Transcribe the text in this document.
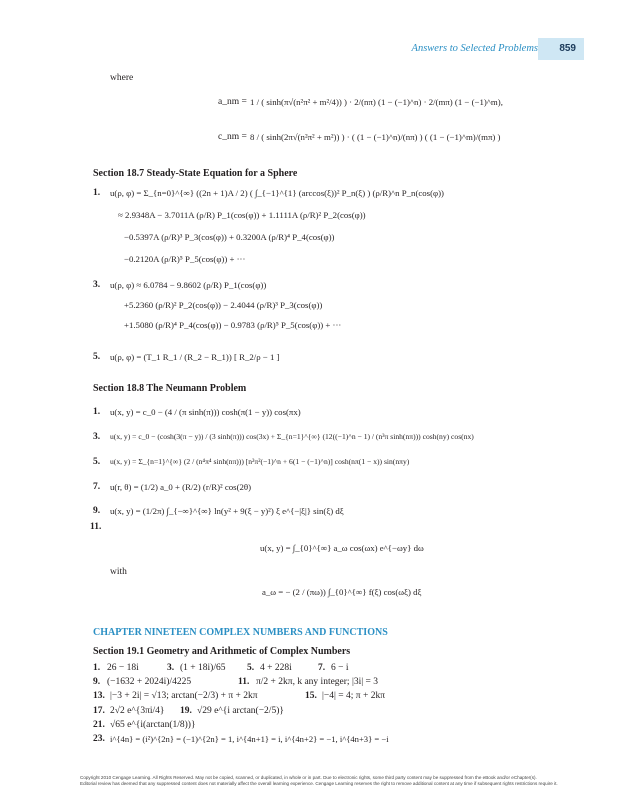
Answers to Selected Problems 859
where
a_nm = 1 / ( sinh(π√(n²π² + m²/4)) ) · 2/(nπ) (1 − (−1)^n) · 2/(mπ) (1 − (−1)^m),
c_nm = 8 / ( sinh(2π√(n²π² + m²)) ) · ( (1 − (−1)^n)/(nπ) ) ( (1 − (−1)^m)/(mπ) )
Section 18.7 Steady-State Equation for a Sphere
1. u(ρ, φ) = Σ_{n=0}^{∞} ((2n + 1)A / 2) ( ∫_{−1}^{1} (arccos(ξ))² P_n(ξ) ) (ρ/R)^n P_n(cos(φ))
≈ 2.9348A − 3.7011A (ρ/R) P_1(cos(φ)) + 1.1111A (ρ/R)² P_2(cos(φ))
−0.5397A (ρ/R)³ P_3(cos(φ)) + 0.3200A (ρ/R)⁴ P_4(cos(φ))
−0.2120A (ρ/R)⁵ P_5(cos(φ)) + ···
3. u(ρ, φ) ≈ 6.0784 − 9.8602 (ρ/R) P_1(cos(φ))
+5.2360 (ρ/R)² P_2(cos(φ)) − 2.4044 (ρ/R)³ P_3(cos(φ))
+1.5080 (ρ/R)⁴ P_4(cos(φ)) − 0.9783 (ρ/R)⁵ P_5(cos(φ)) + ···
5. u(ρ, φ) = (T_1 R_1 / (R_2 − R_1)) [ R_2/ρ − 1 ]
Section 18.8 The Neumann Problem
1. u(x, y) = c_0 − (4 / (π sinh(π))) cosh(π(1 − y)) cos(πx)
3. u(x, y) = c_0 − (cosh(3(π − y)) / (3 sinh(π))) cos(3x) + Σ_{n=1}^{∞} (12((−1)^n − 1) / (n³π sinh(nπ))) cosh(ny) cos(nx)
5. u(x, y) = Σ_{n=1}^{∞} (2 / (n⁴π⁴ sinh(nπ))) [n²π²(−1)^n + 6(1 − (−1)^n)] cosh(nπ(1 − x)) sin(nπy)
7. u(r, θ) = (1/2) a_0 + (R/2) (r/R)² cos(2θ)
9. u(x, y) = (1/2π) ∫_{−∞}^{∞} ln(y² + 9(ξ − y)²) ξ e^{−|ξ|} sin(ξ) dξ
11.
u(x, y) = ∫_{0}^{∞} a_ω cos(ωx) e^{−ωy} dω
with
a_ω = − (2 / (πω)) ∫_{0}^{∞} f(ξ) cos(ωξ) dξ
CHAPTER NINETEEN COMPLEX NUMBERS AND FUNCTIONS
Section 19.1 Geometry and Arithmetic of Complex Numbers
1. 26 − 18i	3. (1 + 18i)/65 5. 4 + 228i	7. 6 − i
9. (−1632 + 2024i)/4225	11. π/2 + 2kπ, k any integer; |3i| = 3
13. |−3 + 2i| = √13; arctan(−2/3) + π + 2kπ	15. |−4| = 4; π + 2kπ
17. 2√2 e^{3πi/4} 19. √29 e^{i arctan(−2/5)}
21. √65 e^{i(arctan(1/8))}
23. i^{4n} = (i²)^{2n} = (−1)^{2n} = 1, i^{4n+1} = i, i^{4n+2} = −1, i^{4n+3} = −i
Copyright 2010 Cengage Learning. All Rights Reserved. May not be copied, scanned, or duplicated, in whole or in part. Due to electronic rights, some third party content may be suppressed from the eBook and/or eChapter(s).
Editorial review has deemed that any suppressed content does not materially affect the overall learning experience. Cengage Learning reserves the right to remove additional content at any time if subsequent rights restrictions require it.
